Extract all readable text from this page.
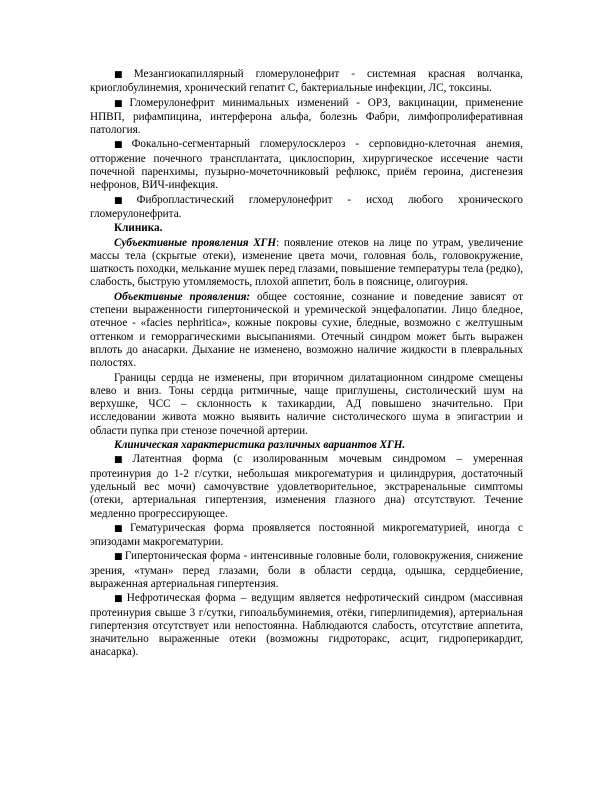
■ Мезангиокапиллярный гломерулонефрит - системная красная волчанка, криоглобулинемия, хронический гепатит С, бактериальные инфекции, ЛС, токсины.

■ Гломерулонефрит минимальных изменений - ОРЗ, вакцинации, применение НПВП, рифампицина, интерферона альфа, болезнь Фабри, лимфопролиферативная патология.

■ Фокально-сегментарный гломерулосклероз - серповидно-клеточная анемия, отторжение почечного трансплантата, циклоспорин, хирургическое иссечение части почечной паренхимы, пузырно-мочеточниковый рефлюкс, приём героина, дисгенезия нефронов, ВИЧ-инфекция.

■ Фибропластический гломерулонефрит - исход любого хронического гломерулонефрита.

Клиника.

Субъективные проявления ХГН: появление отеков на лице по утрам, увеличение массы тела (скрытые отеки), изменение цвета мочи, головная боль, головокружение, шаткость походки, мелькание мушек перед глазами, повышение температуры тела (редко), слабость, быструю утомляемость, плохой аппетит, боль в пояснице, олигоурия.

Объективные проявления: общее состояние, сознание и поведение зависят от степени выраженности гипертонической и уремической энцефалопатии. Лицо бледное, отечное - «facies nephritica», кожные покровы сухие, бледные, возможно с желтушным оттенком и геморрагическими высыпаниями. Отечный синдром может быть выражен вплоть до анасарки. Дыхание не изменено, возможно наличие жидкости в плевральных полостях.

Границы сердца не изменены, при вторичном дилатационном синдроме смещены влево и вниз. Тоны сердца ритмичные, чаще приглушены, систолический шум на верхушке, ЧСС – склонность к тахикардии, АД повышено значительно. При исследовании живота можно выявить наличие систолического шума в эпигастрии и области пупка при стенозе почечной артерии.

Клиническая характеристика различных вариантов ХГН.

■ Латентная форма (с изолированным мочевым синдромом – умеренная протеинурия до 1-2 г/сутки, небольшая микрогематурия и цилиндрурия, достаточный удельный вес мочи) самочувствие удовлетворительное, экстраренальные симптомы (отеки, артериальная гипертензия, изменения глазного дна) отсутствуют. Течение медленно прогрессирующее.

■ Гематурическая форма проявляется постоянной микрогематурией, иногда с эпизодами макрогематурии.

■ Гипертоническая форма - интенсивные головные боли, головокружения, снижение зрения, «туман» перед глазами, боли в области сердца, одышка, сердцебиение, выраженная артериальная гипертензия.

■ Нефротическая форма – ведущим является нефротический синдром (массивная протеинурия свыше 3 г/сутки, гипоальбуминемия, отёки, гиперлипидемия), артериальная гипертензия отсутствует или непостоянна. Наблюдаются слабость, отсутствие аппетита, значительно выраженные отеки (возможны гидроторакс, асцит, гидроперикардит, анасарка).
